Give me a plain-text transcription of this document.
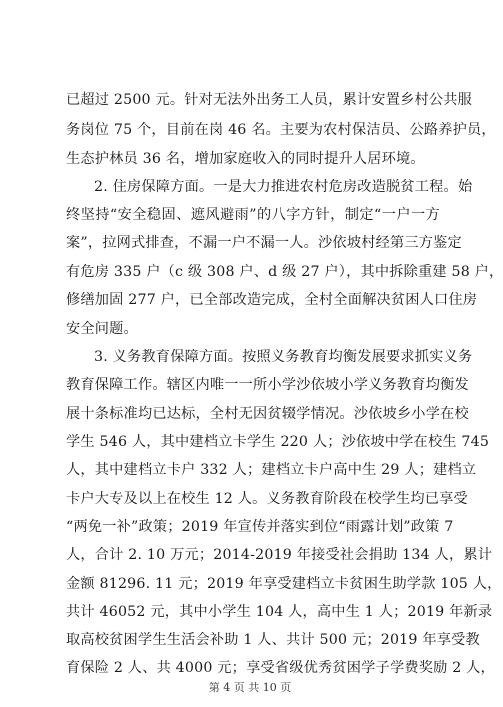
已超过 2500 元。针对无法外出务工人员，累计安置乡村公共服
务岗位 75 个，目前在岗 46 名。主要为农村保洁员、公路养护员，
生态护林员 36 名，增加家庭收入的同时提升人居环境。
2. 住房保障方面。一是大力推进农村危房改造脱贫工程。始
终坚持“安全稳固、遮风避雨”的八字方针，制定“一户一方
案”，拉网式排查，不漏一户不漏一人。沙依坡村经第三方鉴定
有危房 335 户（c 级 308 户、d 级 27 户），其中拆除重建 58 户，
修缮加固 277 户，已全部改造完成，全村全面解决贫困人口住房
安全问题。
3. 义务教育保障方面。按照义务教育均衡发展要求抓实义务
教育保障工作。辖区内唯一一所小学沙依坡小学义务教育均衡发
展十条标准均已达标，全村无因贫辍学情况。沙依坡乡小学在校
学生 546 人，其中建档立卡学生 220 人；沙依坡中学在校生 745
人，其中建档立卡户 332 人；建档立卡户高中生 29 人；建档立
卡户大专及以上在校生 12 人。义务教育阶段在校学生均已享受
“两免一补”政策；2019 年宣传并落实到位“雨露计划”政策 7
人，合计 2. 10 万元；2014-2019 年接受社会捐助 134 人，累计
金额 81296. 11 元；2019 年享受建档立卡贫困生助学款 105 人，
共计 46052 元，其中小学生 104 人，高中生 1 人；2019 年新录
取高校贫困学生生活会补助 1 人、共计 500 元；2019 年享受教
育保险 2 人、共 4000 元；享受省级优秀贫困学子学费奖励 2 人，
第 4 页 共 10 页
